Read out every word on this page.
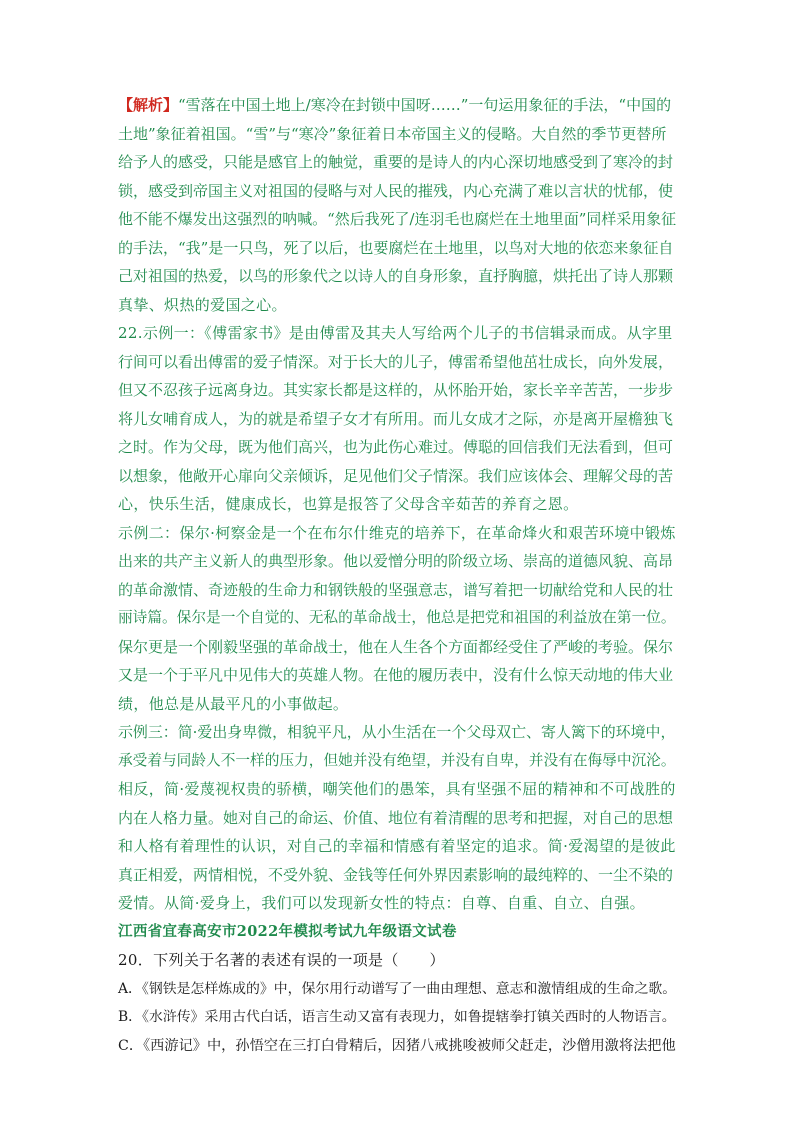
【解析】“雪落在中国土地上/寒冷在封锁中国呀……”一句运用象征的手法，“中国的
土地”象征着祖国。“雪”与“寒冷”象征着日本帝国主义的侵略。大自然的季节更替所
给予人的感受，只能是感官上的触觉，重要的是诗人的内心深切地感受到了寒冷的封
锁，感受到帝国主义对祖国的侵略与对人民的摧残，内心充满了难以言状的忧郁，使
他不能不爆发出这强烈的呐喊。“然后我死了/连羽毛也腐烂在土地里面”同样采用象征
的手法，“我”是一只鸟，死了以后，也要腐烂在土地里，以鸟对大地的依恋来象征自
己对祖国的热爱，以鸟的形象代之以诗人的自身形象，直抒胸臆，烘托出了诗人那颗
真挚、炽热的爱国之心。
22.示例一：《傅雷家书》是由傅雷及其夫人写给两个儿子的书信辑录而成。从字里
行间可以看出傅雷的爱子情深。对于长大的儿子，傅雷希望他茁壮成长，向外发展，
但又不忍孩子远离身边。其实家长都是这样的，从怀胎开始，家长辛辛苦苦，一步步
将儿女哺育成人，为的就是希望子女才有所用。而儿女成才之际，亦是离开屋檐独飞
之时。作为父母，既为他们高兴，也为此伤心难过。傅聪的回信我们无法看到，但可
以想象，他敞开心扉向父亲倾诉，足见他们父子情深。我们应该体会、理解父母的苦
心，快乐生活，健康成长，也算是报答了父母含辛茹苦的养育之恩。
示例二：保尔·柯察金是一个在布尔什维克的培养下，在革命烽火和艰苦环境中锻炼
出来的共产主义新人的典型形象。他以爱憎分明的阶级立场、崇高的道德风貌、高昂
的革命激情、奇迹般的生命力和钢铁般的坚强意志，谱写着把一切献给党和人民的壮
丽诗篇。保尔是一个自觉的、无私的革命战士，他总是把党和祖国的利益放在第一位。
保尔更是一个刚毅坚强的革命战士，他在人生各个方面都经受住了严峻的考验。保尔
又是一个于平凡中见伟大的英雄人物。在他的履历表中，没有什么惊天动地的伟大业
绩，他总是从最平凡的小事做起。
示例三：简·爱出身卑微，相貌平凡，从小生活在一个父母双亡、寄人篱下的环境中，
承受着与同龄人不一样的压力，但她并没有绝望，并没有自卑，并没有在侮辱中沉沦。
相反，简·爱蔑视权贵的骄横，嘲笑他们的愚笨，具有坚强不屈的精神和不可战胜的
内在人格力量。她对自己的命运、价值、地位有着清醒的思考和把握，对自己的思想
和人格有着理性的认识，对自己的幸福和情感有着坚定的追求。简·爱渴望的是彼此
真正相爱，两情相悦，不受外貌、金钱等任何外界因素影响的最纯粹的、一尘不染的
爱情。从简·爱身上，我们可以发现新女性的特点：自尊、自重、自立、自强。
江西省宜春高安市2022年模拟考试九年级语文试卷
20．下列关于名著的表述有误的一项是（　　）
A．《钢铁是怎样炼成的》中，保尔用行动谱写了一曲由理想、意志和激情组成的生命之歌。
B．《水浒传》采用古代白话，语言生动又富有表现力，如鲁提辖拳打镇关西时的人物语言。
C．《西游记》中，孙悟空在三打白骨精后，因猪八戒挑唆被师父赶走，沙僧用激将法把他
